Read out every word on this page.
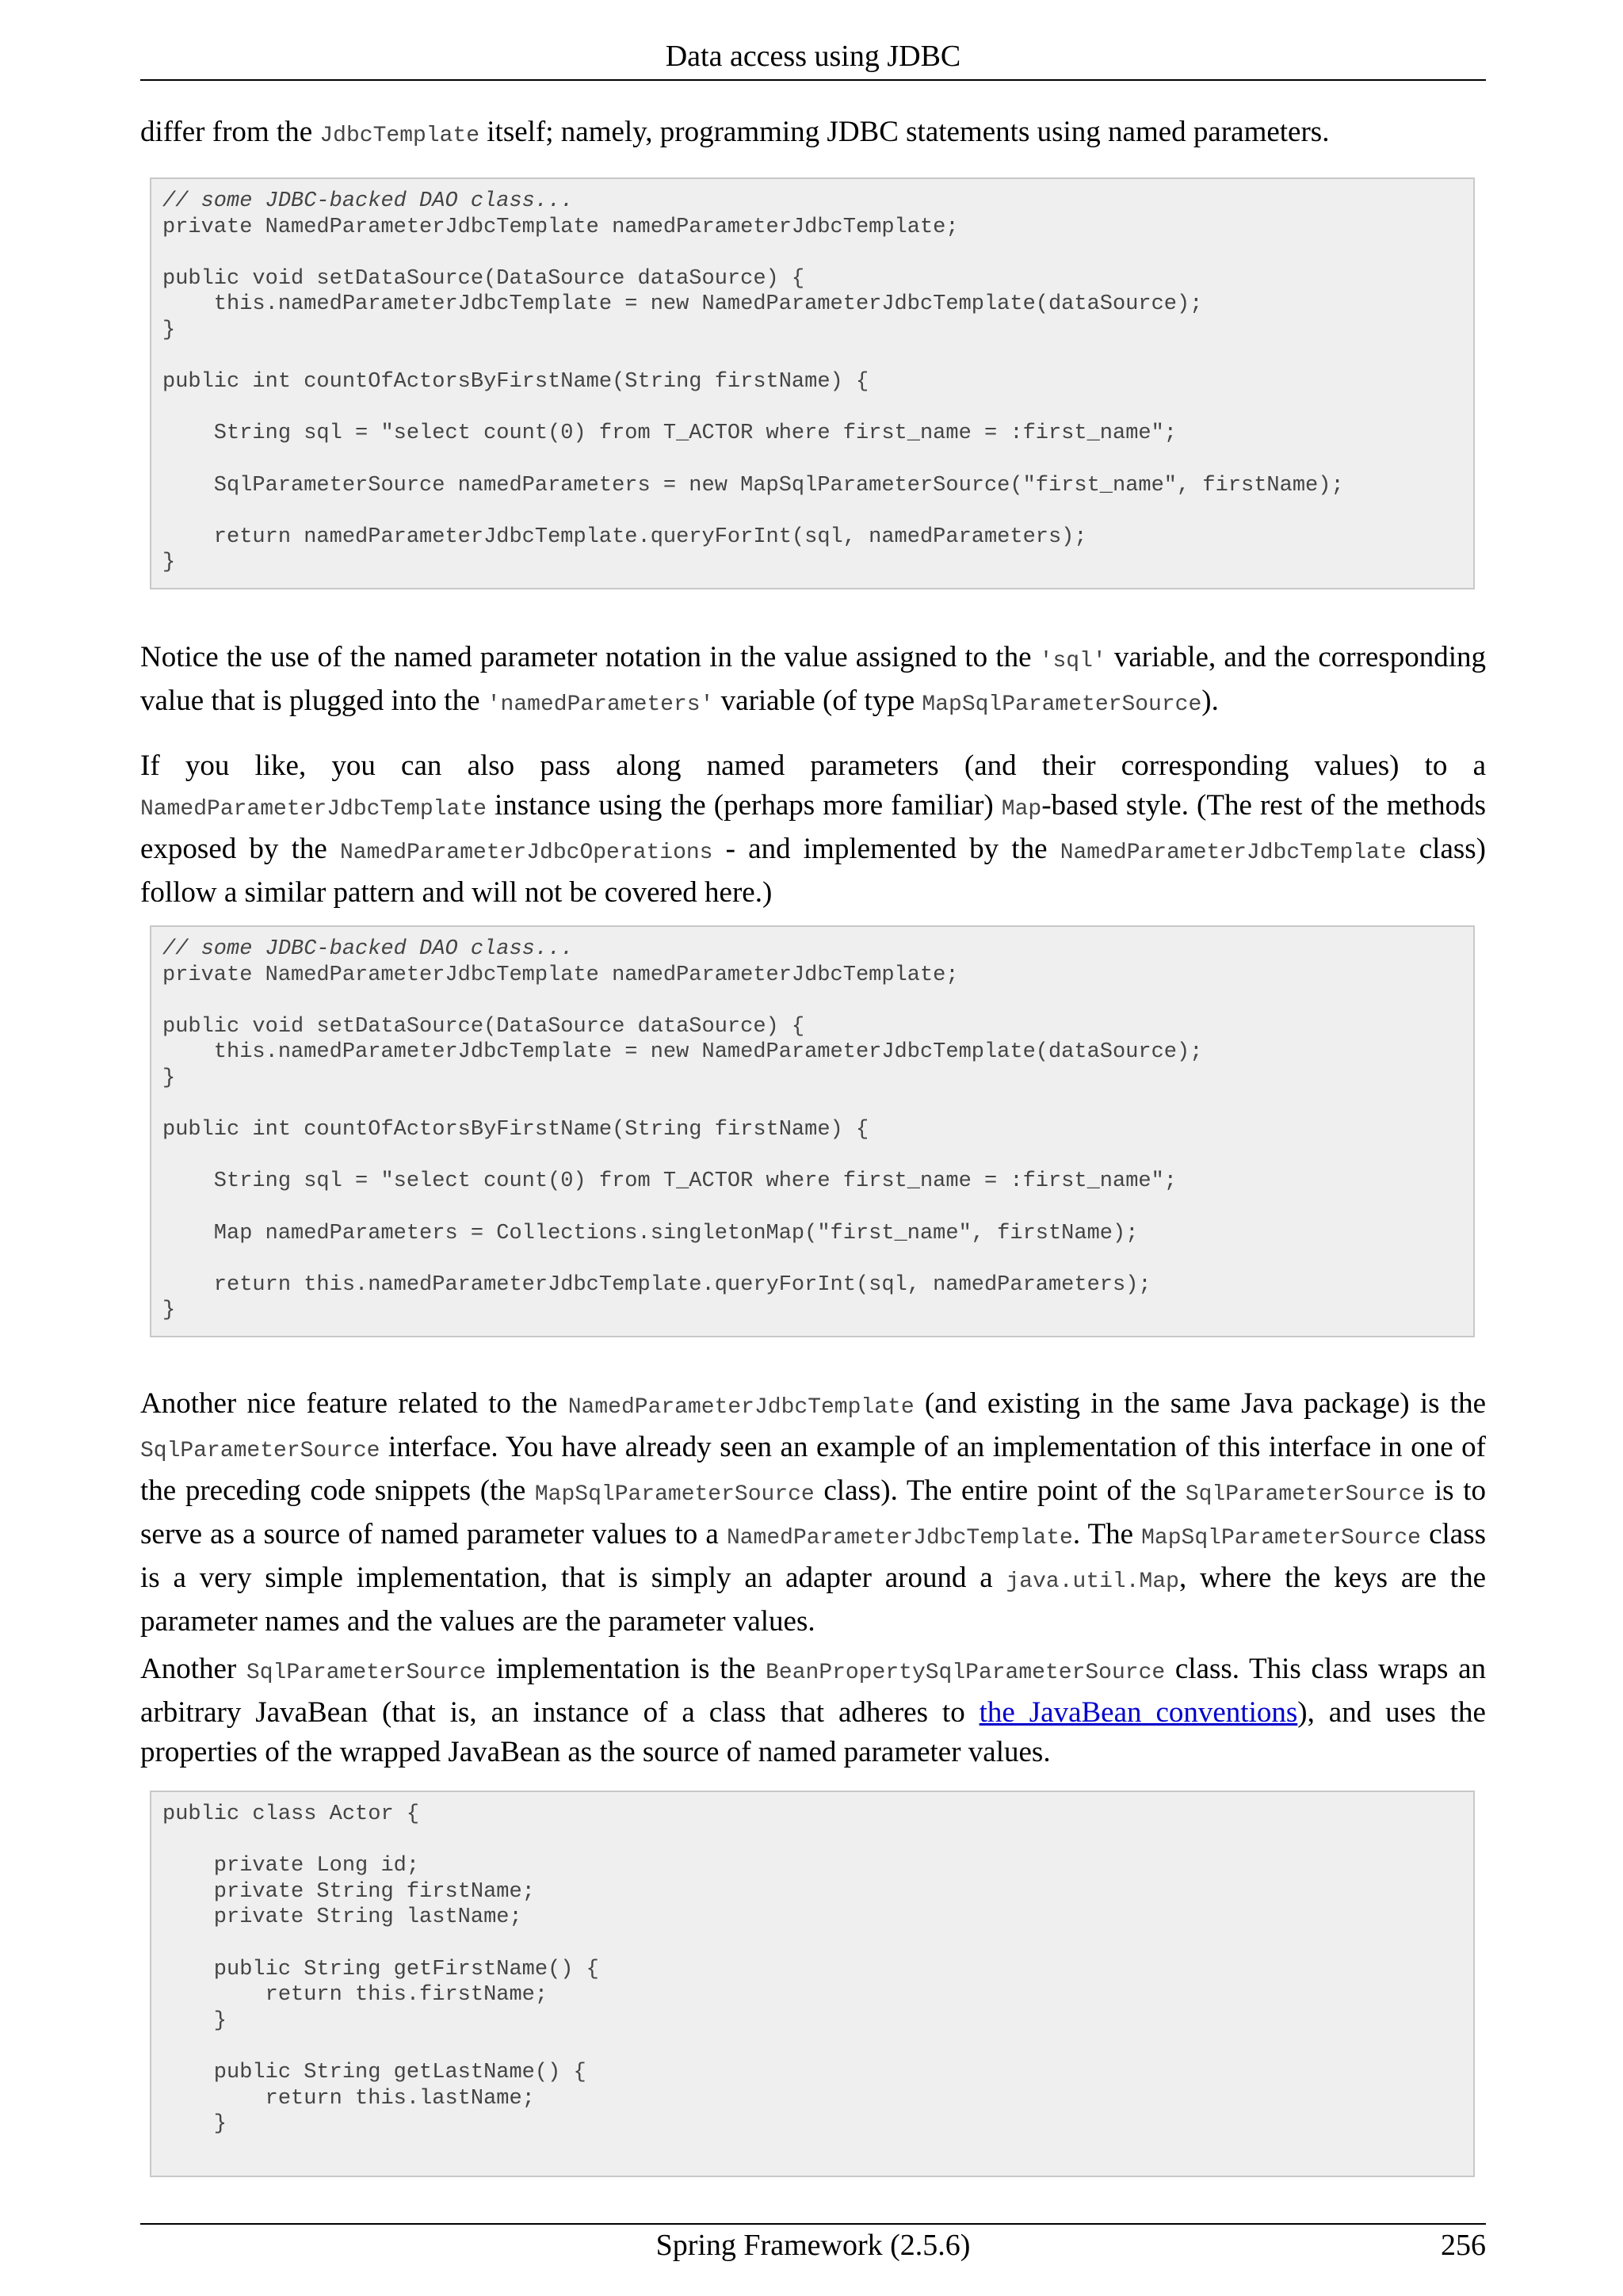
Data access using JDBC

differ from the JdbcTemplate itself; namely, programming JDBC statements using named parameters.

// some JDBC-backed DAO class...
private NamedParameterJdbcTemplate namedParameterJdbcTemplate;
public void setDataSource(DataSource dataSource) {
this.namedParameterJdbcTemplate = new NamedParameterJdbcTemplate(dataSource);
}
public int countOfActorsByFirstName(String firstName) {
String sql = "select count(0) from T_ACTOR where first_name = :first_name";
SqlParameterSource namedParameters = new MapSqlParameterSource("first_name", firstName);
return namedParameterJdbcTemplate.queryForInt(sql, namedParameters);
}

Notice the use of the named parameter notation in the value assigned to the 'sql' variable, and the corresponding value that is plugged into the 'namedParameters' variable (of type MapSqlParameterSource).

If you like, you can also pass along named parameters (and their corresponding values) to a NamedParameterJdbcTemplate instance using the (perhaps more familiar) Map-based style. (The rest of the methods exposed by the NamedParameterJdbcOperations - and implemented by the NamedParameterJdbcTemplate class) follow a similar pattern and will not be covered here.)

// some JDBC-backed DAO class...
private NamedParameterJdbcTemplate namedParameterJdbcTemplate;
public void setDataSource(DataSource dataSource) {
this.namedParameterJdbcTemplate = new NamedParameterJdbcTemplate(dataSource);
}
public int countOfActorsByFirstName(String firstName) {
String sql = "select count(0) from T_ACTOR where first_name = :first_name";
Map namedParameters = Collections.singletonMap("first_name", firstName);
return this.namedParameterJdbcTemplate.queryForInt(sql, namedParameters);
}

Another nice feature related to the NamedParameterJdbcTemplate (and existing in the same Java package) is the SqlParameterSource interface. You have already seen an example of an implementation of this interface in one of the preceding code snippets (the MapSqlParameterSource class). The entire point of the SqlParameterSource is to serve as a source of named parameter values to a NamedParameterJdbcTemplate. The MapSqlParameterSource class is a very simple implementation, that is simply an adapter around a java.util.Map, where the keys are the parameter names and the values are the parameter values.

Another SqlParameterSource implementation is the BeanPropertySqlParameterSource class. This class wraps an arbitrary JavaBean (that is, an instance of a class that adheres to the JavaBean conventions), and uses the properties of the wrapped JavaBean as the source of named parameter values.

public class Actor {
private Long id;
private String firstName;
private String lastName;
public String getFirstName() {
return this.firstName;
}
public String getLastName() {
return this.lastName;
}
Spring Framework (2.5.6)	256
